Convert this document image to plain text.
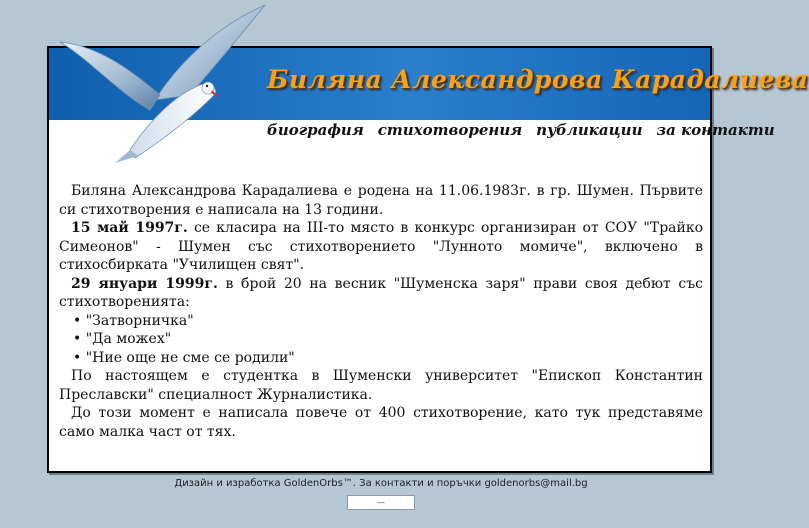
Биляна Александрова Карадалиева
биография стихотворения публикации за контакти

Биляна Александрова Карадалиева е родена на 11.06.1983г. в гр. Шумен. Първите си стихотворения е написала на 13 години.

15 май 1997г. се класира на III-то място в конкурс организиран от СОУ "Трайко Симеонов" - Шумен със стихотворението "Лунното момиче", включено в стихосбирката "Училищен свят".

29 януари 1999г. в брой 20 на весник "Шуменска заря" прави своя дебют със стихотворенията:

• "Затворничка"
• "Да можех"
• "Ние още не сме се родили"

По настоящем е студентка в Шуменски университет "Епископ Константин Преславски" специалност Журналистика.

До този момент е написала повече от 400 стихотворение, като тук представяме само малка част от тях.

Дизайн и изработка GoldenOrbs™. За контакти и поръчки goldenorbs@mail.bg
—
